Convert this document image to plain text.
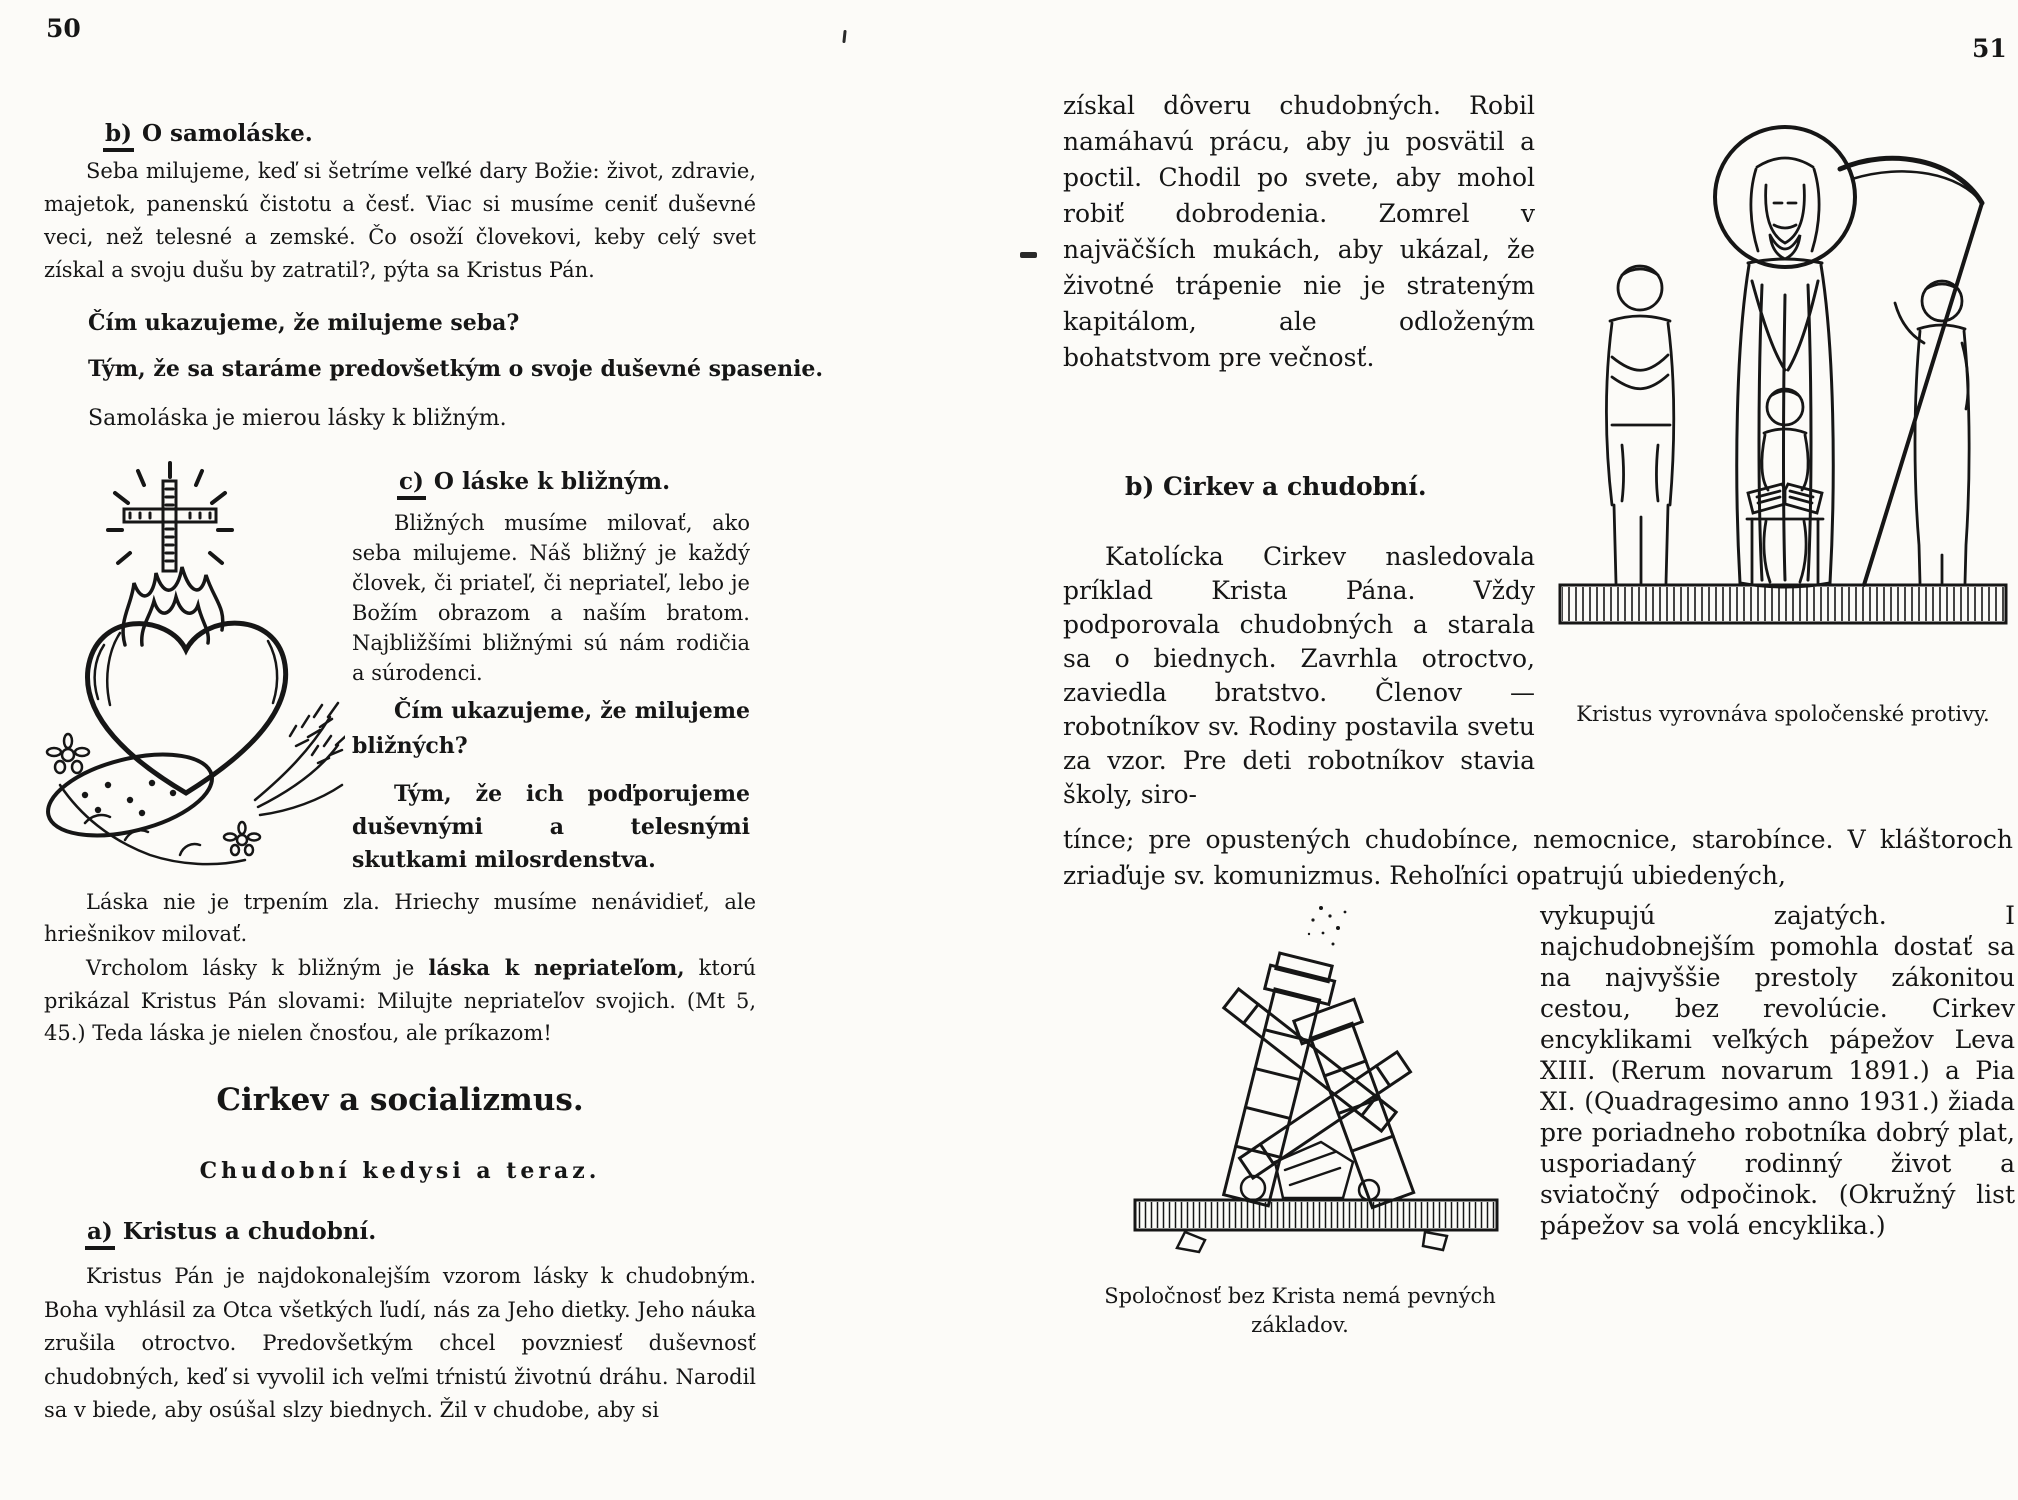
50
b) O samoláske.
Seba milujeme, keď si šetríme veľké dary Božie: život, zdravie, majetok, panenskú čistotu a česť. Viac si musíme ceniť duševné veci, než telesné a zemské. Čo osoží človekovi, keby celý svet získal a svoju dušu by zatratil?, pýta sa Kristus Pán.
Čím ukazujeme, že milujeme seba?
Tým, že sa staráme predovšetkým o svoje duševné spasenie.
Samoláska je mierou lásky k bližným.
c) O láske k bližným.
Bližných musíme milovať, ako seba milujeme. Náš bližný je každý človek, či priateľ, či nepriateľ, lebo je Božím obrazom a naším bratom. Najbližšími bližnými sú nám rodičia a súrodenci.
Čím ukazujeme, že milujeme bližných?
Tým, že ich poďporujeme duševnými a telesnými skutkami milosrdenstva.
Láska nie je trpením zla. Hriechy musíme nenávidieť, ale hriešnikov milovať.
Vrcholom lásky k bližným je láska k nepriateľom, ktorú prikázal Kristus Pán slovami: Milujte nepriateľov svojich. (Mt 5, 45.) Teda láska je nielen čnosťou, ale príkazom!
Cirkev a socializmus.
Chudobní kedysi a teraz.
a) Kristus a chudobní.
Kristus Pán je najdokonalejším vzorom lásky k chudobným. Boha vyhlásil za Otca všetkých ľudí, nás za Jeho dietky. Jeho náuka zrušila otroctvo. Predovšetkým chcel povzniesť duševnosť chudobných, keď si vyvolil ich veľmi tŕnistú životnú dráhu. Narodil sa v biede, aby osúšal slzy biednych. Žil v chudobe, aby si
51
získal dôveru chudobných. Robil namáhavú prácu, aby ju posvätil a poctil. Chodil po svete, aby mohol robiť dobrodenia. Zomrel v najväčších mukách, aby ukázal, že životné trápenie nie je strateným kapitálom, ale odloženým bohatstvom pre večnosť.
Kristus vyrovnáva spoločenské protivy.
b) Cirkev a chudobní.
Katolícka Cirkev nasledovala príklad Krista Pána. Vždy podporovala chudobných a starala sa o biednych. Zavrhla otroctvo, zaviedla bratstvo. Členov — robotníkov sv. Rodiny postavila svetu za vzor. Pre deti robotníkov stavia školy, siro-
tínce; pre opustených chudobínce, nemocnice, starobínce. V kláštoroch zriaďuje sv. komunizmus. Rehoľníci opatrujú ubiedených,
vykupujú zajatých. I najchudobnejším pomohla dostať sa na najvyššie prestoly zákonitou cestou, bez revolúcie. Cirkev encyklikami veľkých pápežov Leva XIII. (Rerum novarum 1891.) a Pia XI. (Quadragesimo anno 1931.) žiada pre poriadneho robotníka dobrý plat, usporiadaný rodinný život a sviatočný odpočinok. (Okružný list pápežov sa volá encyklika.)
Spoločnosť bez Krista nemá pevných základov.
